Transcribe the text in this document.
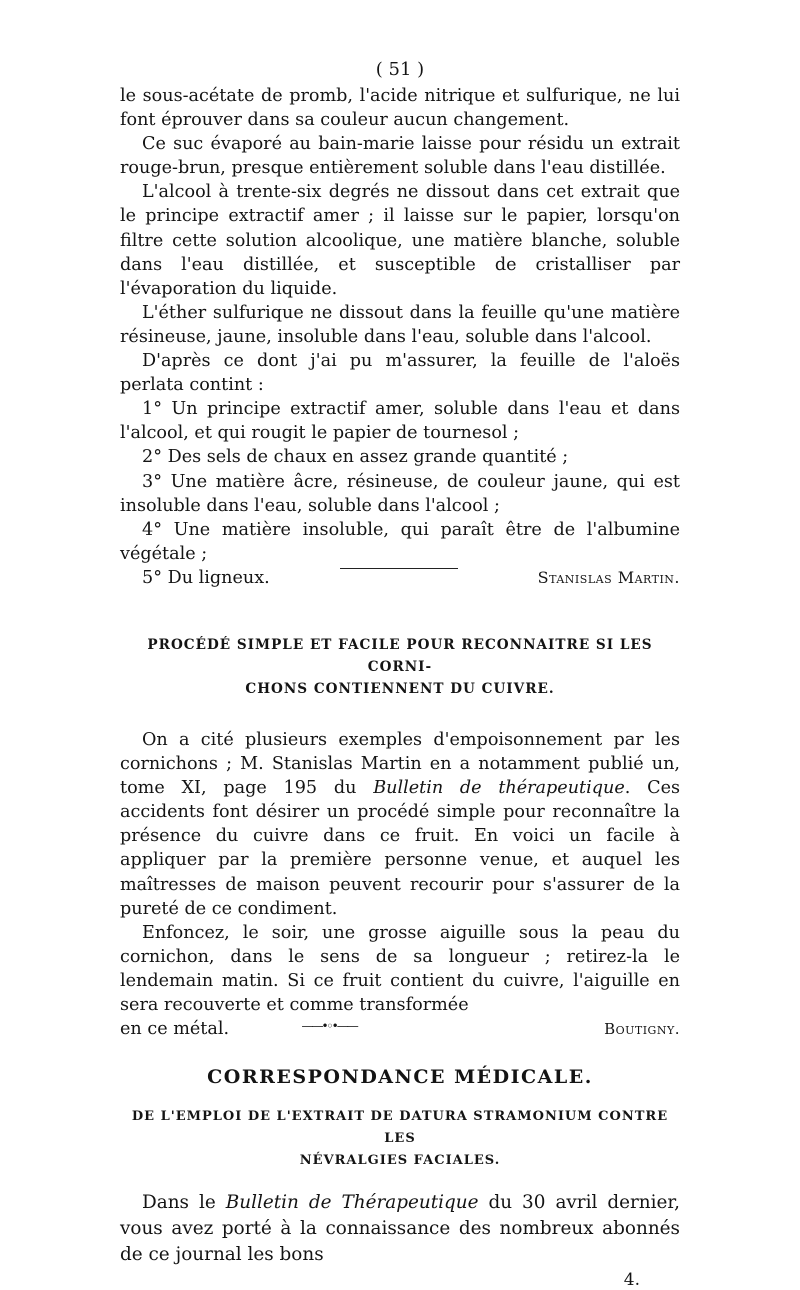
( 51 )

le sous-acétate de promb, l'acide nitrique et sulfurique, ne lui font éprouver dans sa couleur aucun changement.

Ce suc évaporé au bain-marie laisse pour résidu un extrait rouge-brun, presque entièrement soluble dans l'eau distillée.

L'alcool à trente-six degrés ne dissout dans cet extrait que le principe extractif amer ; il laisse sur le papier, lorsqu'on filtre cette solution alcoolique, une matière blanche, soluble dans l'eau distillée, et susceptible de cristalliser par l'évaporation du liquide.

L'éther sulfurique ne dissout dans la feuille qu'une matière résineuse, jaune, insoluble dans l'eau, soluble dans l'alcool.

D'après ce dont j'ai pu m'assurer, la feuille de l'aloës perlata contint :

1° Un principe extractif amer, soluble dans l'eau et dans l'alcool, et qui rougit le papier de tournesol ;

2° Des sels de chaux en assez grande quantité ;

3° Une matière âcre, résineuse, de couleur jaune, qui est insoluble dans l'eau, soluble dans l'alcool ;

4° Une matière insoluble, qui paraît être de l'albumine végétale ;

5° Du ligneux.	Stanislas Martin.
PROCÉDÉ SIMPLE ET FACILE POUR RECONNAITRE SI LES CORNI-
CHONS CONTIENNENT DU CUIVRE.

On a cité plusieurs exemples d'empoisonnement par les cornichons ; M. Stanislas Martin en a notamment publié un, tome XI, page 195 du Bulletin de thérapeutique. Ces accidents font désirer un procédé simple pour reconnaître la présence du cuivre dans ce fruit. En voici un facile à appliquer par la première personne venue, et auquel les maîtresses de maison peuvent recourir pour s'assurer de la pureté de ce condiment.

Enfoncez, le soir, une grosse aiguille sous la peau du cornichon, dans le sens de sa longueur ; retirez-la le lendemain matin. Si ce fruit contient du cuivre, l'aiguille en sera recouverte et comme transformée

en ce métal.	——•◦•——	Boutigny.
CORRESPONDANCE MÉDICALE.
DE L'EMPLOI DE L'EXTRAIT DE DATURA STRAMONIUM CONTRE LES
NÉVRALGIES FACIALES.

Dans le Bulletin de Thérapeutique du 30 avril dernier, vous avez porté à la connaissance des nombreux abonnés de ce journal les bons

4.
